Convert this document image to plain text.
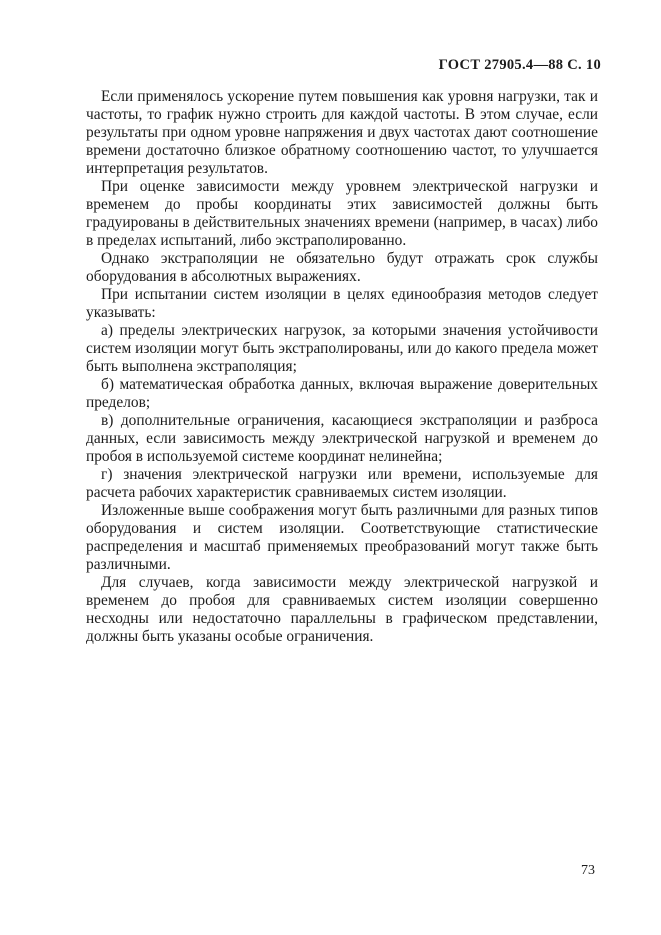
ГОСТ 27905.4—88 С. 10

Если применялось ускорение путем повышения как уровня нагрузки, так и частоты, то график нужно строить для каждой частоты. В этом случае, если результаты при одном уровне напряжения и двух частотах дают соотношение времени достаточно близкое обратному соотношению частот, то улучшается интерпретация результатов.

При оценке зависимости между уровнем электрической нагрузки и временем до пробы координаты этих зависимостей должны быть градуированы в действительных значениях времени (например, в часах) либо в пределах испытаний, либо экстраполированно.

Однако экстраполяции не обязательно будут отражать срок службы оборудования в абсолютных выражениях.

При испытании систем изоляции в целях единообразия методов следует указывать:

а) пределы электрических нагрузок, за которыми значения устойчивости систем изоляции могут быть экстраполированы, или до какого предела может быть выполнена экстраполяция;

б) математическая обработка данных, включая выражение доверительных пределов;

в) дополнительные ограничения, касающиеся экстраполяции и разброса данных, если зависимость между электрической нагрузкой и временем до пробоя в используемой системе координат нелинейна;

г) значения электрической нагрузки или времени, используемые для расчета рабочих характеристик сравниваемых систем изоляции.

Изложенные выше соображения могут быть различными для разных типов оборудования и систем изоляции. Соответствующие статистические распределения и масштаб применяемых преобразований могут также быть различными.

Для случаев, когда зависимости между электрической нагрузкой и временем до пробоя для сравниваемых систем изоляции совершенно несходны или недостаточно параллельны в графическом представлении, должны быть указаны особые ограничения.

73
